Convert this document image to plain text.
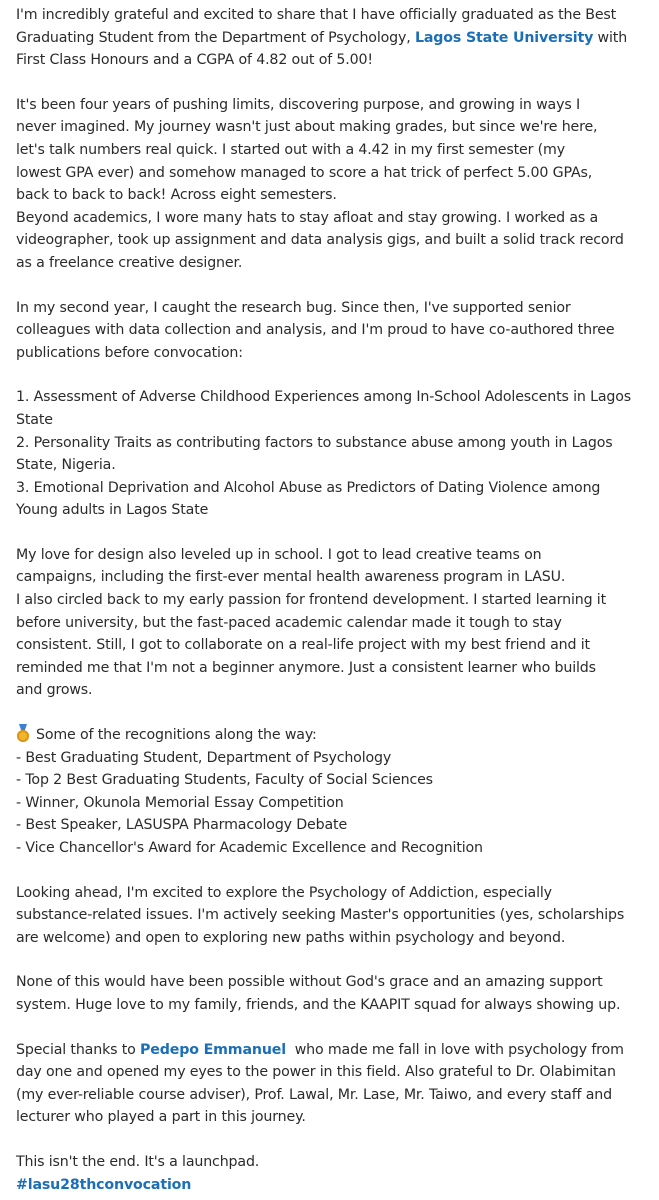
I'm incredibly grateful and excited to share that I have officially graduated as the Best
Graduating Student from the Department of Psychology, Lagos State University with
First Class Honours and a CGPA of 4.82 out of 5.00!

It's been four years of pushing limits, discovering purpose, and growing in ways I
never imagined. My journey wasn't just about making grades, but since we're here,
let's talk numbers real quick. I started out with a 4.42 in my first semester (my
lowest GPA ever) and somehow managed to score a hat trick of perfect 5.00 GPAs,
back to back to back! Across eight semesters.
Beyond academics, I wore many hats to stay afloat and stay growing. I worked as a
videographer, took up assignment and data analysis gigs, and built a solid track record
as a freelance creative designer.

In my second year, I caught the research bug. Since then, I've supported senior
colleagues with data collection and analysis, and I'm proud to have co-authored three
publications before convocation:

1. Assessment of Adverse Childhood Experiences among In-School Adolescents in Lagos
State
2. Personality Traits as contributing factors to substance abuse among youth in Lagos
State, Nigeria.
3. Emotional Deprivation and Alcohol Abuse as Predictors of Dating Violence among
Young adults in Lagos State

My love for design also leveled up in school. I got to lead creative teams on
campaigns, including the first-ever mental health awareness program in LASU.
I also circled back to my early passion for frontend development. I started learning it
before university, but the fast-paced academic calendar made it tough to stay
consistent. Still, I got to collaborate on a real-life project with my best friend and it
reminded me that I'm not a beginner anymore. Just a consistent learner who builds
and grows.

Some of the recognitions along the way:
- Best Graduating Student, Department of Psychology
- Top 2 Best Graduating Students, Faculty of Social Sciences
- Winner, Okunola Memorial Essay Competition
- Best Speaker, LASUSPA Pharmacology Debate
- Vice Chancellor's Award for Academic Excellence and Recognition

Looking ahead, I'm excited to explore the Psychology of Addiction, especially
substance-related issues. I'm actively seeking Master's opportunities (yes, scholarships
are welcome) and open to exploring new paths within psychology and beyond.

None of this would have been possible without God's grace and an amazing support
system. Huge love to my family, friends, and the KAAPIT squad for always showing up.

Special thanks to Pedepo Emmanuel  who made me fall in love with psychology from
day one and opened my eyes to the power in this field. Also grateful to Dr. Olabimitan
(my ever-reliable course adviser), Prof. Lawal, Mr. Lase, Mr. Taiwo, and every staff and
lecturer who played a part in this journey.

This isn't the end. It's a launchpad.
#lasu28thconvocation
